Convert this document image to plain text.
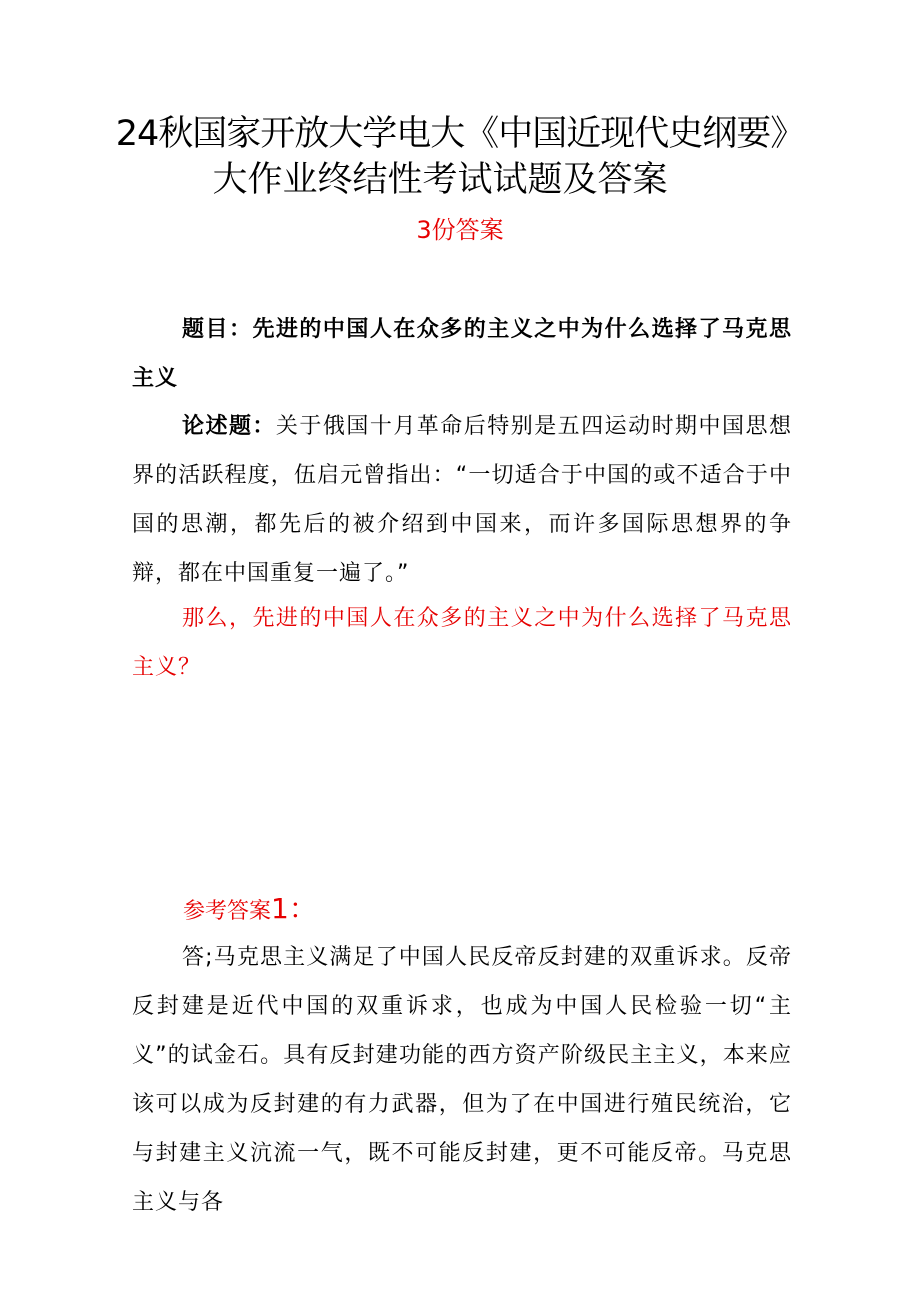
24秋国家开放大学电大《中国近现代史纲要》
大作业终结性考试试题及答案
3份答案

题目：先进的中国人在众多的主义之中为什么选择了马克思主义

论述题：关于俄国十月革命后特别是五四运动时期中国思想界的活跃程度，伍启元曾指出：“一切适合于中国的或不适合于中国的思潮，都先后的被介绍到中国来，而许多国际思想界的争辩，都在中国重复一遍了。”

那么，先进的中国人在众多的主义之中为什么选择了马克思主义？

参考答案1：

答;马克思主义满足了中国人民反帝反封建的双重诉求。反帝反封建是近代中国的双重诉求，也成为中国人民检验一切“主义”的试金石。具有反封建功能的西方资产阶级民主主义，本来应该可以成为反封建的有力武器，但为了在中国进行殖民统治，它与封建主义沆流一气，既不可能反封建，更不可能反帝。马克思主义与各
